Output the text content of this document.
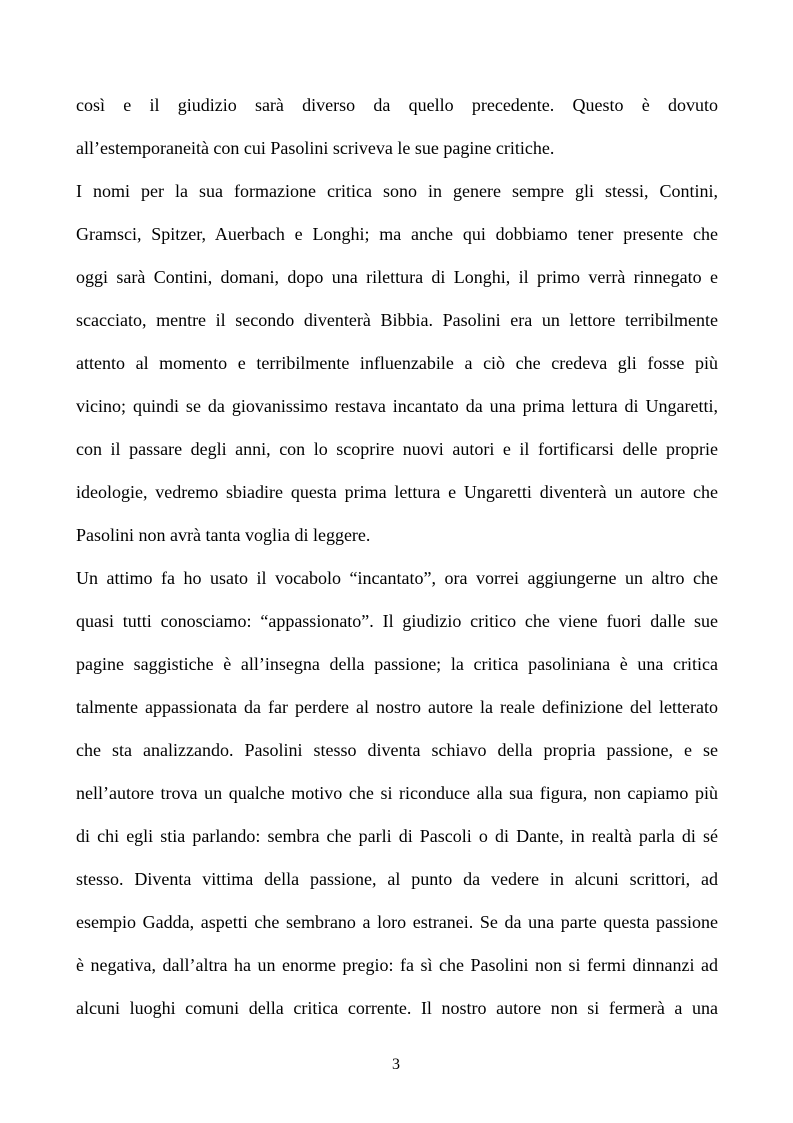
così e il giudizio sarà diverso da quello precedente. Questo è dovuto
all’estemporaneità con cui Pasolini scriveva le sue pagine critiche.
I nomi per la sua formazione critica sono in genere sempre gli stessi, Contini,
Gramsci, Spitzer, Auerbach e Longhi; ma anche qui dobbiamo tener presente che
oggi sarà Contini, domani, dopo una rilettura di Longhi, il primo verrà rinnegato e
scacciato, mentre il secondo diventerà Bibbia. Pasolini era un lettore terribilmente
attento al momento e terribilmente influenzabile a ciò che credeva gli fosse più
vicino; quindi se da giovanissimo restava incantato da una prima lettura di Ungaretti,
con il passare degli anni, con lo scoprire nuovi autori e il fortificarsi delle proprie
ideologie, vedremo sbiadire questa prima lettura e Ungaretti diventerà un autore che
Pasolini non avrà tanta voglia di leggere.
Un attimo fa ho usato il vocabolo “incantato”, ora vorrei aggiungerne un altro che
quasi tutti conosciamo: “appassionato”. Il giudizio critico che viene fuori dalle sue
pagine saggistiche è all’insegna della passione; la critica pasoliniana è una critica
talmente appassionata da far perdere al nostro autore la reale definizione del letterato
che sta analizzando. Pasolini stesso diventa schiavo della propria passione, e se
nell’autore trova un qualche motivo che si riconduce alla sua figura, non capiamo più
di chi egli stia parlando: sembra che parli di Pascoli o di Dante, in realtà parla di sé
stesso. Diventa vittima della passione, al punto da vedere in alcuni scrittori, ad
esempio Gadda, aspetti che sembrano a loro estranei. Se da una parte questa passione
è negativa, dall’altra ha un enorme pregio: fa sì che Pasolini non si fermi dinnanzi ad
alcuni luoghi comuni della critica corrente. Il nostro autore non si fermerà a una
3
